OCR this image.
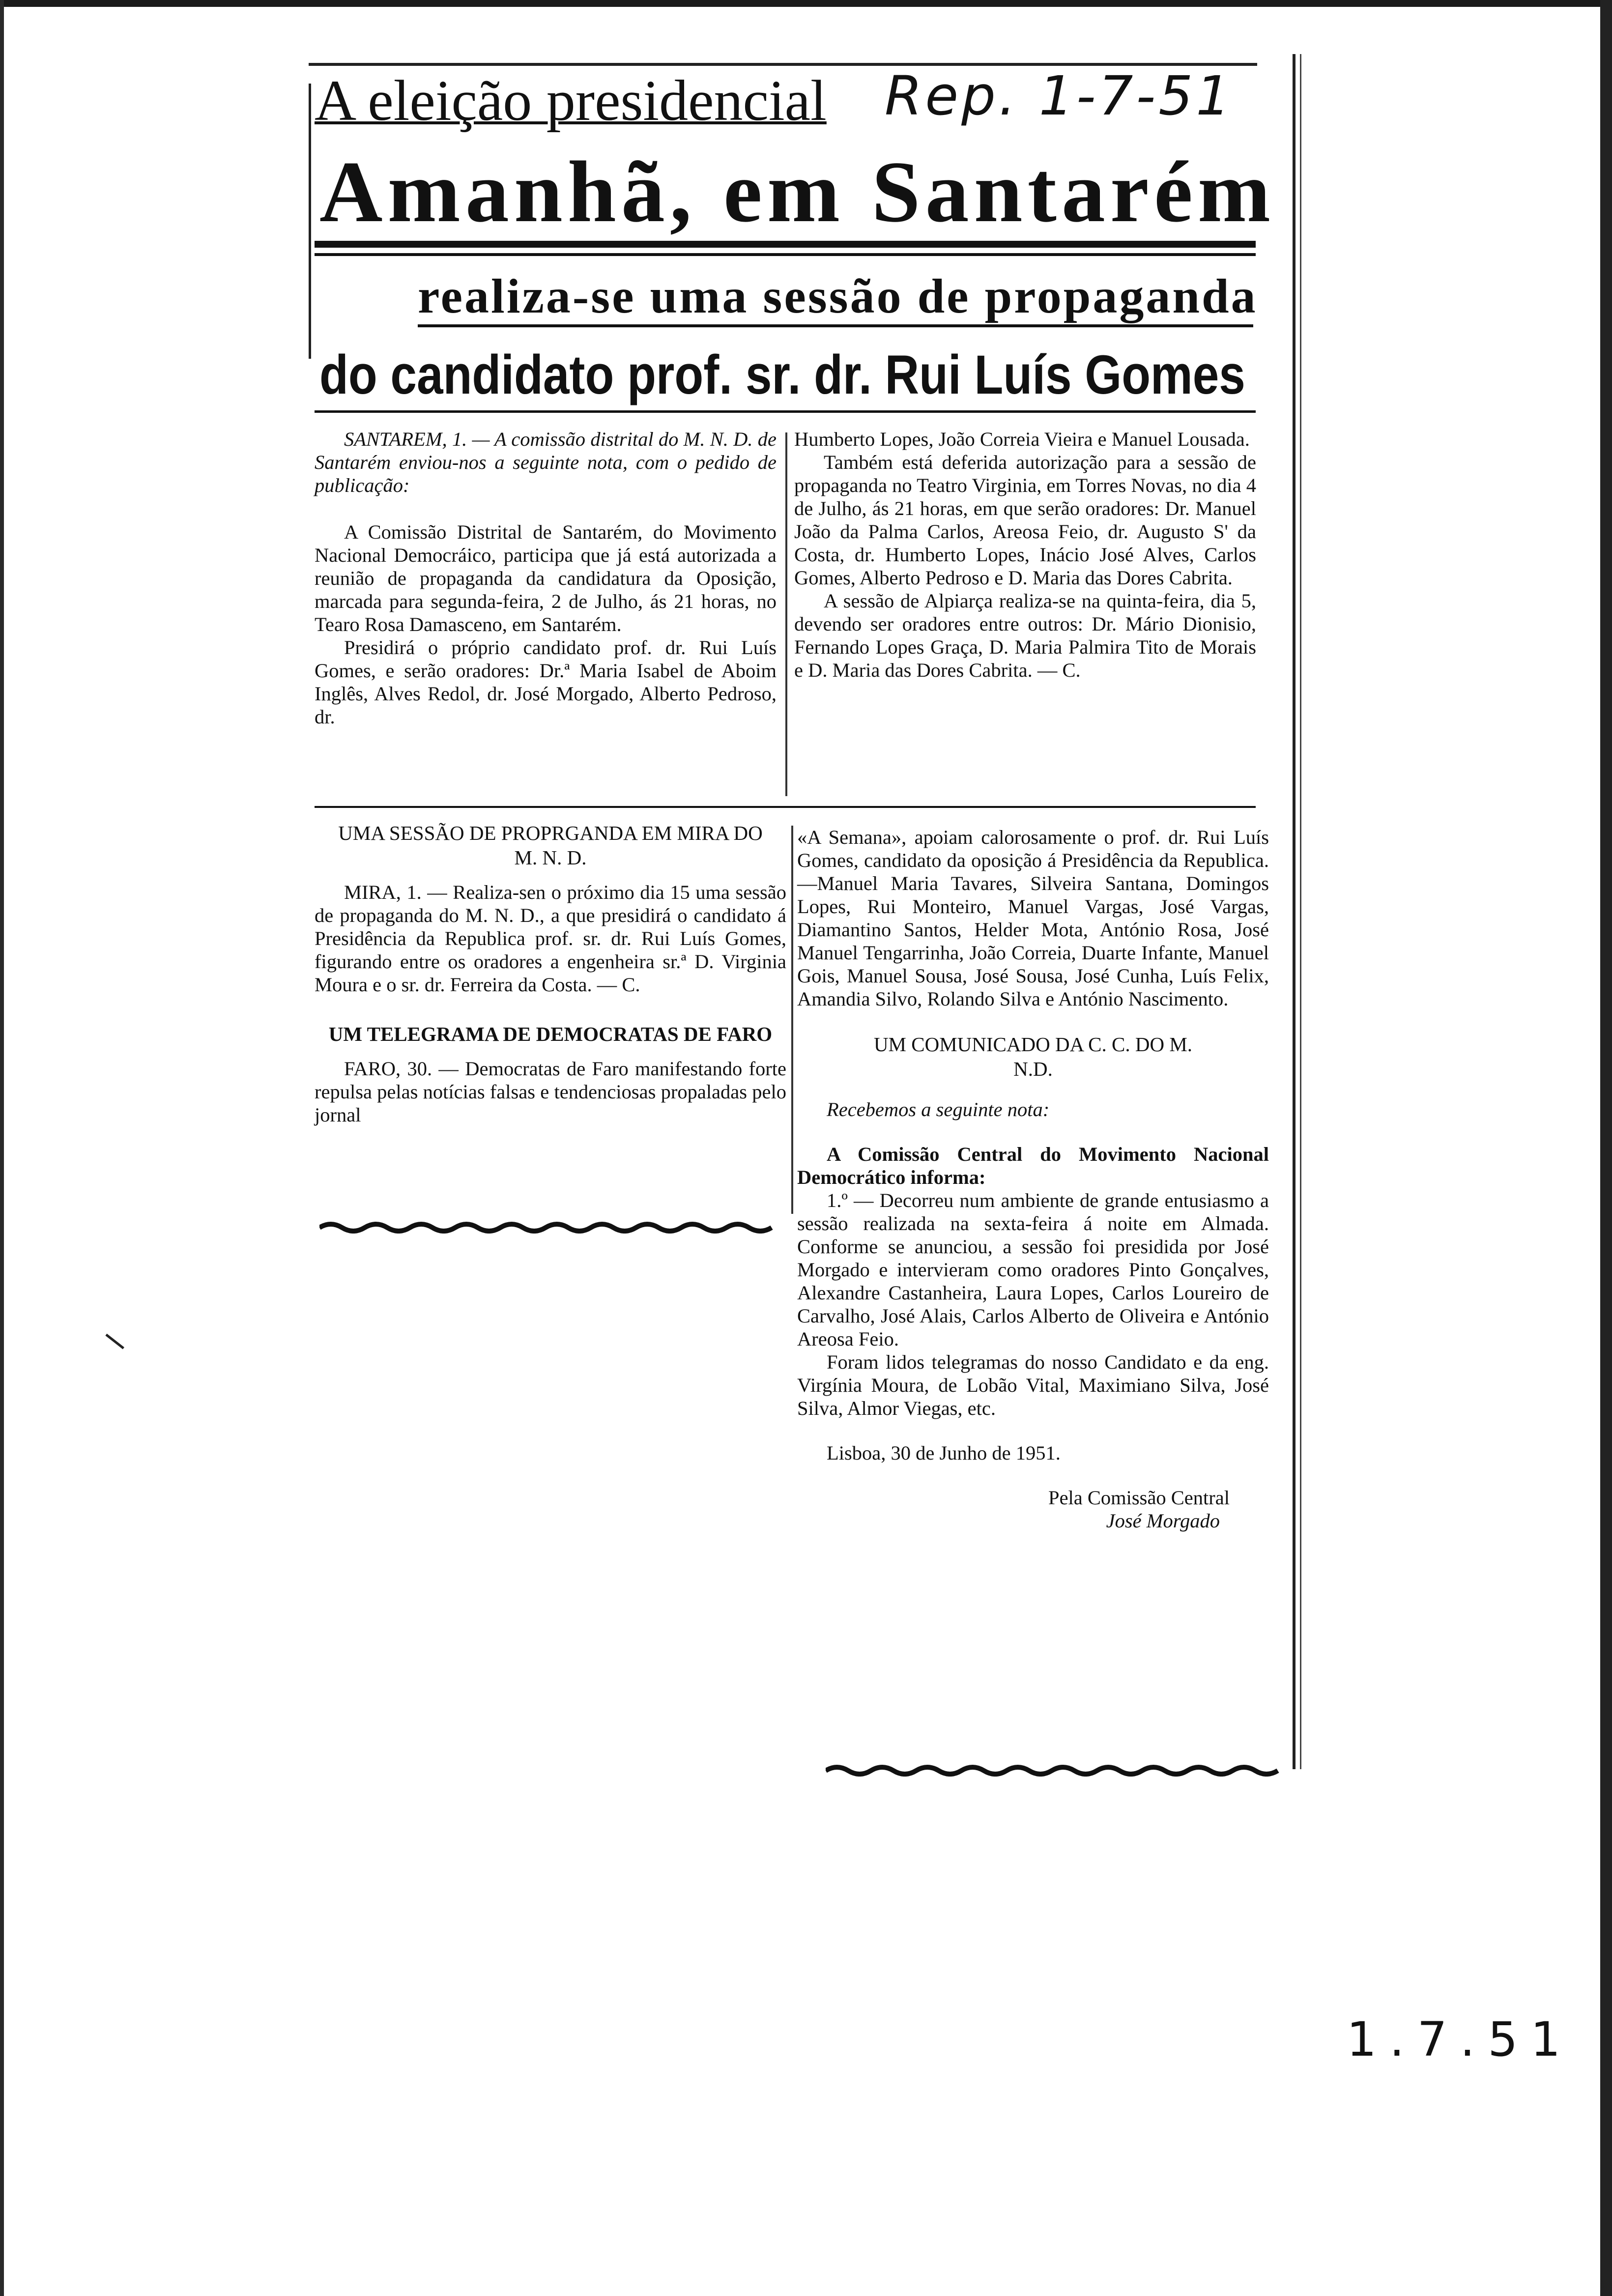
A eleição presidencial Rep. 1-7-51
Amanhã, em Santarém
realiza-se uma sessão de propaganda
do candidato prof. sr. dr. Rui Luís Gomes

SANTAREM, 1. — A comissão distrital do M. N. D. de Santarém enviou-nos a seguinte nota, com o pedido de publicação:

A Comissão Distrital de Santarém, do Movimento Nacional Democráico, participa que já está autorizada a reunião de propaganda da candidatura da Oposição, marcada para segunda-feira, 2 de Julho, ás 21 horas, no Tearo Rosa Damasceno, em Santarém.

Presidirá o próprio candidato prof. dr. Rui Luís Gomes, e serão oradores: Dr.ª Maria Isabel de Aboim Inglês, Alves Redol, dr. José Morgado, Alberto Pedroso, dr.

Humberto Lopes, João Correia Vieira e Manuel Lousada.

Também está deferida autorização para a sessão de propaganda no Teatro Virginia, em Torres Novas, no dia 4 de Julho, ás 21 horas, em que serão oradores: Dr. Manuel João da Palma Carlos, Areosa Feio, dr. Augusto S' da Costa, dr. Humberto Lopes, Inácio José Alves, Carlos Gomes, Alberto Pedroso e D. Maria das Dores Cabrita.

A sessão de Alpiarça realiza-se na quinta-feira, dia 5, devendo ser oradores entre outros: Dr. Mário Dionisio, Fernando Lopes Graça, D. Maria Palmira Tito de Morais e D. Maria das Dores Cabrita. — C.

UMA SESSÃO DE PROPRGANDA EM MIRA DO M. N. D.

MIRA, 1. — Realiza-sen o próximo dia 15 uma sessão de propaganda do M. N. D., a que presidirá o candidato á Presidência da Republica prof. sr. dr. Rui Luís Gomes, figurando entre os oradores a engenheira sr.ª D. Virginia Moura e o sr. dr. Ferreira da Costa. — C.

UM TELEGRAMA DE DEMOCRATAS DE FARO

FARO, 30. — Democratas de Faro manifestando forte repulsa pelas notícias falsas e tendenciosas propaladas pelo jornal

«A Semana», apoiam calorosamente o prof. dr. Rui Luís Gomes, candidato da oposição á Presidência da Republica.—Manuel Maria Tavares, Silveira Santana, Domingos Lopes, Rui Monteiro, Manuel Vargas, José Vargas, Diamantino Santos, Helder Mota, António Rosa, José Manuel Tengarrinha, João Correia, Duarte Infante, Manuel Gois, Manuel Sousa, José Sousa, José Cunha, Luís Felix, Amandia Silvo, Rolando Silva e António Nascimento.

UM COMUNICADO DA C. C. DO M. N.D.

Recebemos a seguinte nota:

A Comissão Central do Movimento Nacional Democrático informa:

1.º — Decorreu num ambiente de grande entusiasmo a sessão realizada na sexta-feira á noite em Almada. Conforme se anunciou, a sessão foi presidida por José Morgado e intervieram como oradores Pinto Gonçalves, Alexandre Castanheira, Laura Lopes, Carlos Loureiro de Carvalho, José Alais, Carlos Alberto de Oliveira e António Areosa Feio.

Foram lidos telegramas do nosso Candidato e da eng. Virgínia Moura, de Lobão Vital, Maximiano Silva, José Silva, Almor Viegas, etc.

Lisboa, 30 de Junho de 1951.

Pela Comissão Central

José Morgado

1.7.51
